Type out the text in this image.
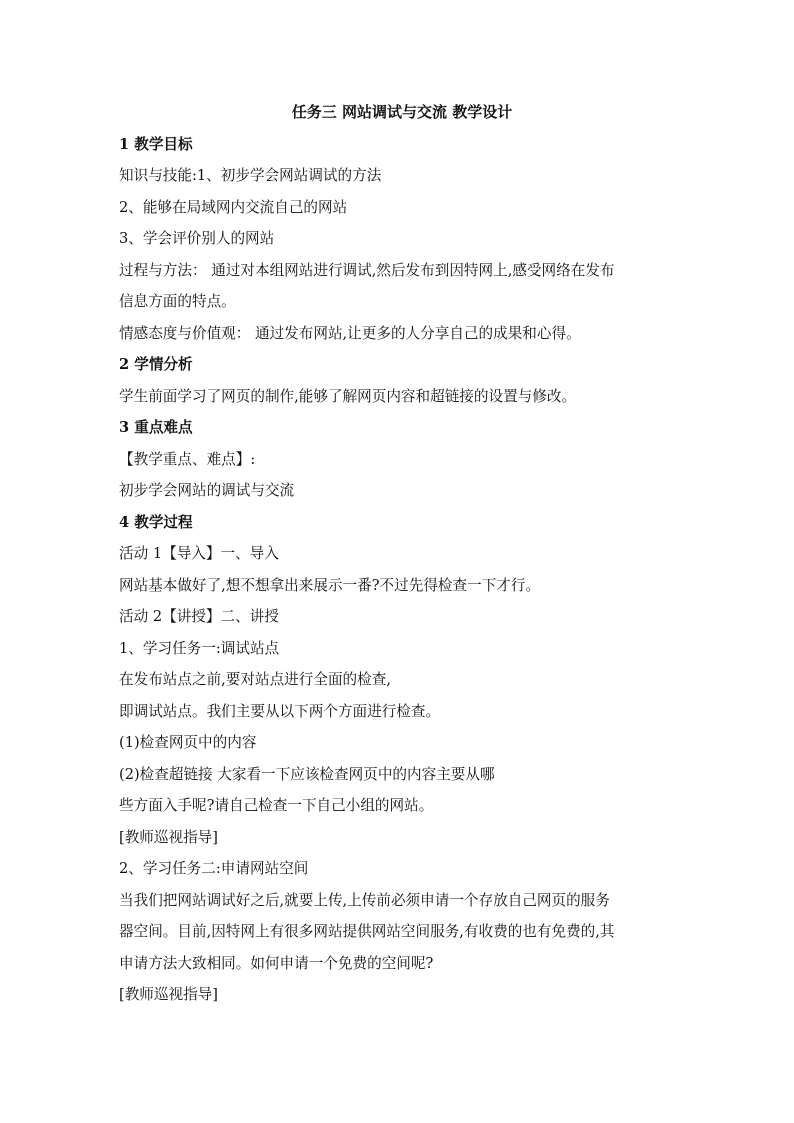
任务三 网站调试与交流 教学设计
1 教学目标
知识与技能:1、初步学会网站调试的方法
2、能够在局域网内交流自己的网站
3、学会评价别人的网站
过程与方法： 通过对本组网站进行调试,然后发布到因特网上,感受网络在发布
信息方面的特点。
情感态度与价值观： 通过发布网站,让更多的人分享自己的成果和心得。
2 学情分析
学生前面学习了网页的制作,能够了解网页内容和超链接的设置与修改。
3 重点难点
【教学重点、难点】:
初步学会网站的调试与交流
4 教学过程
活动 1【导入】一、导入
网站基本做好了,想不想拿出来展示一番?不过先得检查一下才行。
活动 2【讲授】二、讲授
1、学习任务一:调试站点
在发布站点之前,要对站点进行全面的检查,
即调试站点。我们主要从以下两个方面进行检查。
(1)检查网页中的内容
(2)检查超链接 大家看一下应该检查网页中的内容主要从哪
些方面入手呢?请自己检查一下自己小组的网站。
[教师巡视指导]
2、学习任务二:申请网站空间
当我们把网站调试好之后,就要上传,上传前必须申请一个存放自己网页的服务
器空间。目前,因特网上有很多网站提供网站空间服务,有收费的也有免费的,其
申请方法大致相同。如何申请一个免费的空间呢?
[教师巡视指导]
